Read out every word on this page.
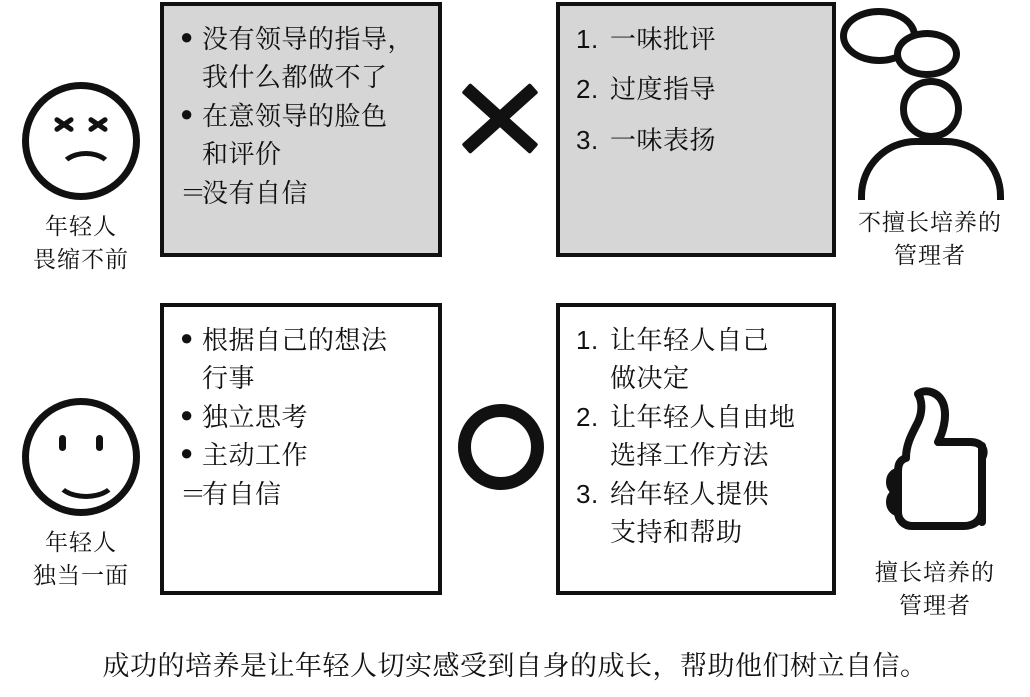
年轻人
畏缩不前
● 没有领导的指导，
我什么都做不了
● 在意领导的脸色
和评价
＝
没有自信
1. 一味批评
2. 过度指导
3. 一味表扬
不擅长培养的
管理者
年轻人
独当一面
● 根据自己的想法
行事
● 独立思考
● 主动工作
＝
有自信
1. 让年轻人自己
做决定
2. 让年轻人自由地
选择工作方法
3. 给年轻人提供
支持和帮助
擅长培养的
管理者
成功的培养是让年轻人切实感受到自身的成长，帮助他们树立自信。
